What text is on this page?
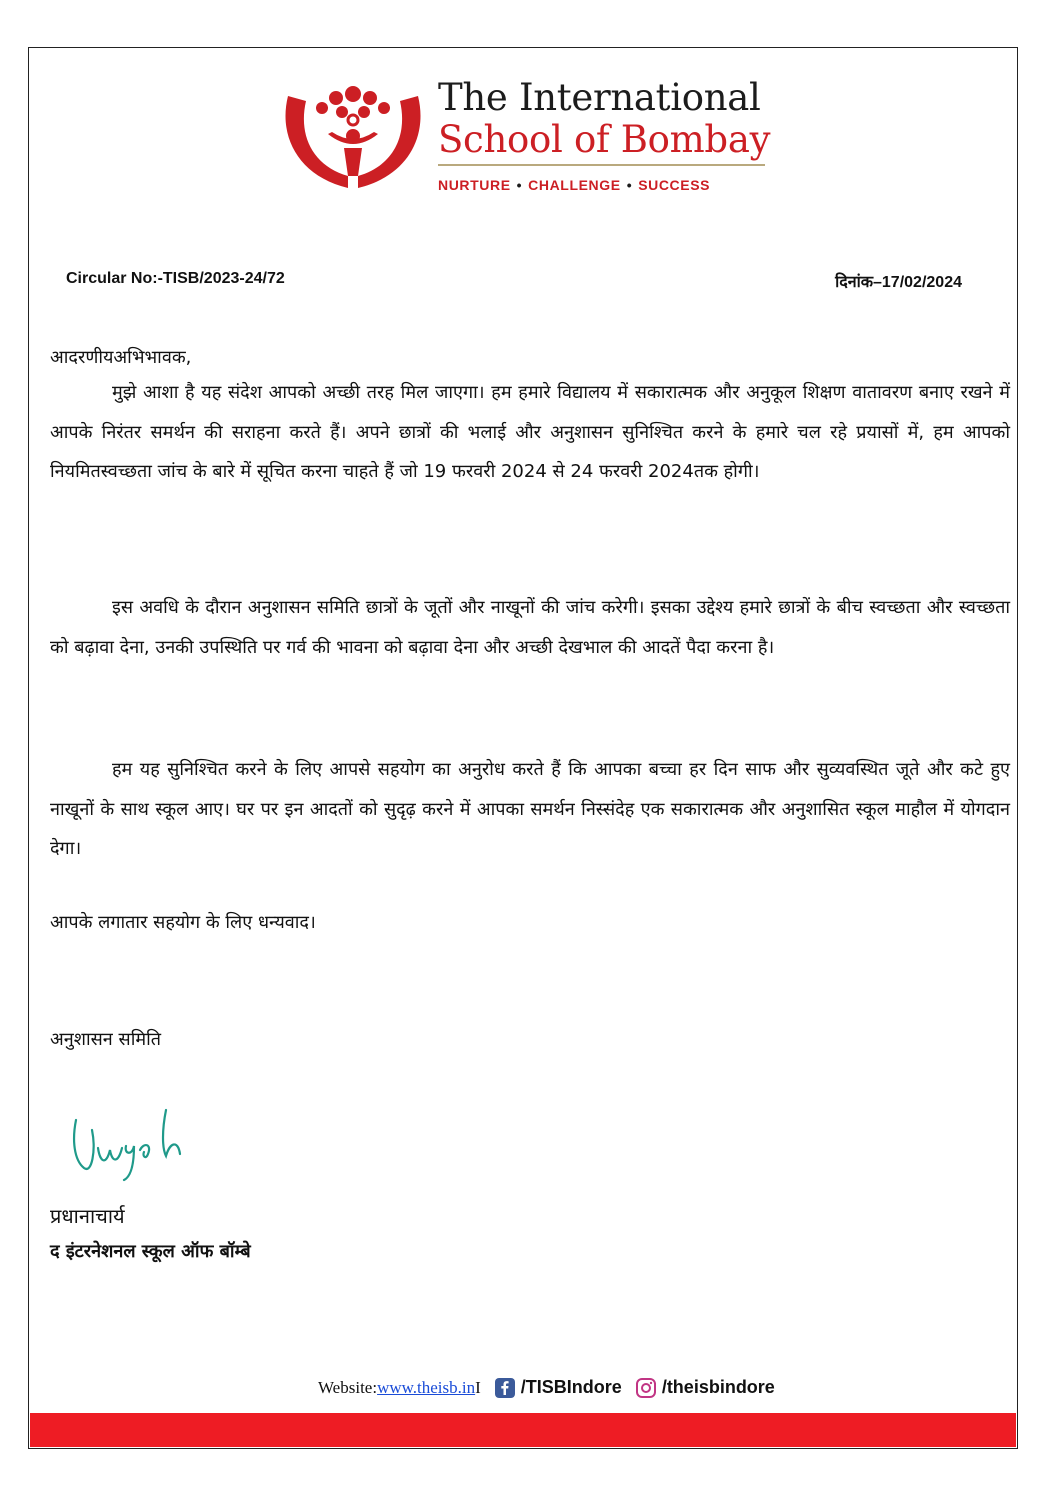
The International
School of Bombay
NURTURE • CHALLENGE • SUCCESS
Circular No:-TISB/2023-24/72	दिनांक–17/02/2024
आदरणीयअभिभावक,
मुझे आशा है यह संदेश आपको अच्छी तरह मिल जाएगा। हम हमारे विद्यालय में सकारात्मक और अनुकूल शिक्षण वातावरण बनाए रखने में आपके निरंतर समर्थन की सराहना करते हैं। अपने छात्रों की भलाई और अनुशासन सुनिश्चित करने के हमारे चल रहे प्रयासों में, हम आपको नियमितस्वच्छता जांच के बारे में सूचित करना चाहते हैं जो 19 फरवरी 2024 से 24 फरवरी 2024तक होगी।
इस अवधि के दौरान अनुशासन समिति छात्रों के जूतों और नाखूनों की जांच करेगी। इसका उद्देश्य हमारे छात्रों के बीच स्वच्छता और स्वच्छता को बढ़ावा देना, उनकी उपस्थिति पर गर्व की भावना को बढ़ावा देना और अच्छी देखभाल की आदतें पैदा करना है।
हम यह सुनिश्चित करने के लिए आपसे सहयोग का अनुरोध करते हैं कि आपका बच्चा हर दिन साफ और सुव्यवस्थित जूते और कटे हुए नाखूनों के साथ स्कूल आए। घर पर इन आदतों को सुदृढ़ करने में आपका समर्थन निस्संदेह एक सकारात्मक और अनुशासित स्कूल माहौल में योगदान देगा।
आपके लगातार सहयोग के लिए धन्यवाद।
अनुशासन समिति
प्रधानाचार्य
द इंटरनेशनल स्कूल ऑफ बॉम्बे
Website: www.theisb.in I /TISBIndore /theisbindore
